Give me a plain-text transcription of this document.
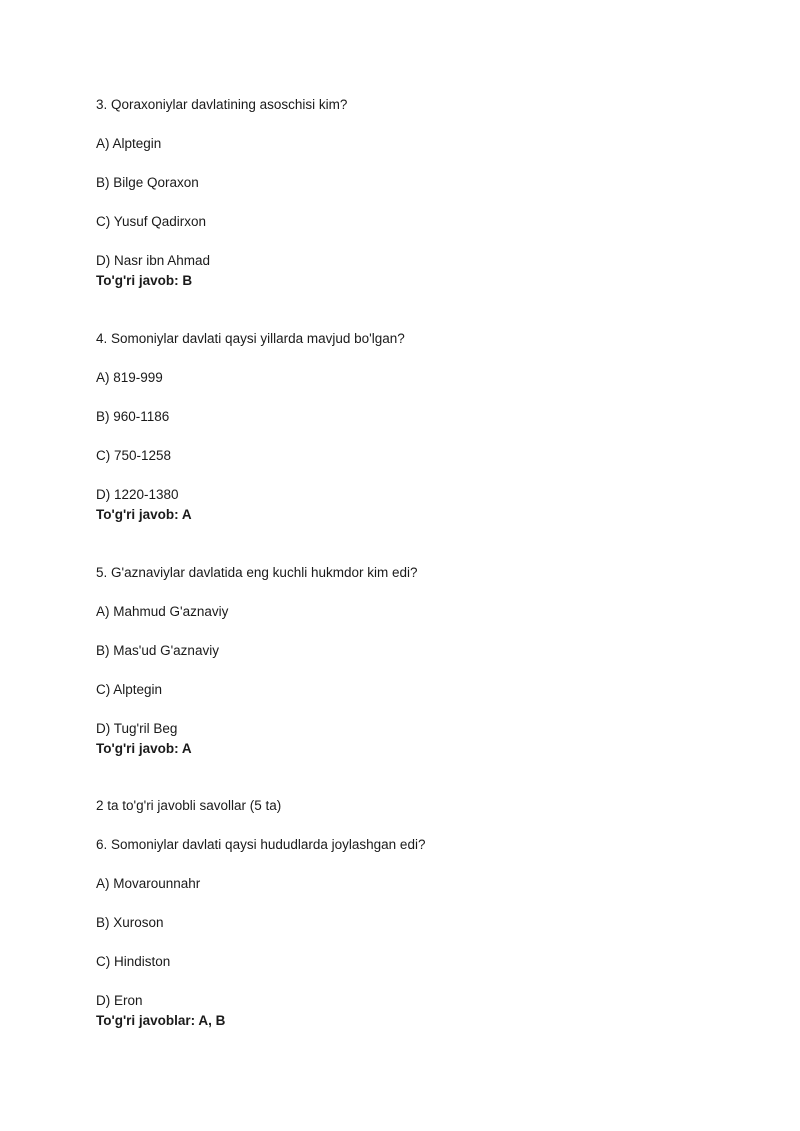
3. Qoraxoniylar davlatining asoschisi kim?
A) Alptegin
B) Bilge Qoraxon
C) Yusuf Qadirxon
D) Nasr ibn Ahmad
To'g'ri javob: B
4. Somoniylar davlati qaysi yillarda mavjud bo'lgan?
A) 819-999
B) 960-1186
C) 750-1258
D) 1220-1380
To'g'ri javob: A
5. G'aznaviylar davlatida eng kuchli hukmdor kim edi?
A) Mahmud G'aznaviy
B) Mas'ud G'aznaviy
C) Alptegin
D) Tug'ril Beg
To'g'ri javob: A
2 ta to'g'ri javobli savollar (5 ta)
6. Somoniylar davlati qaysi hududlarda joylashgan edi?
A) Movarounnahr
B) Xuroson
C) Hindiston
D) Eron
To'g'ri javoblar: A, B
